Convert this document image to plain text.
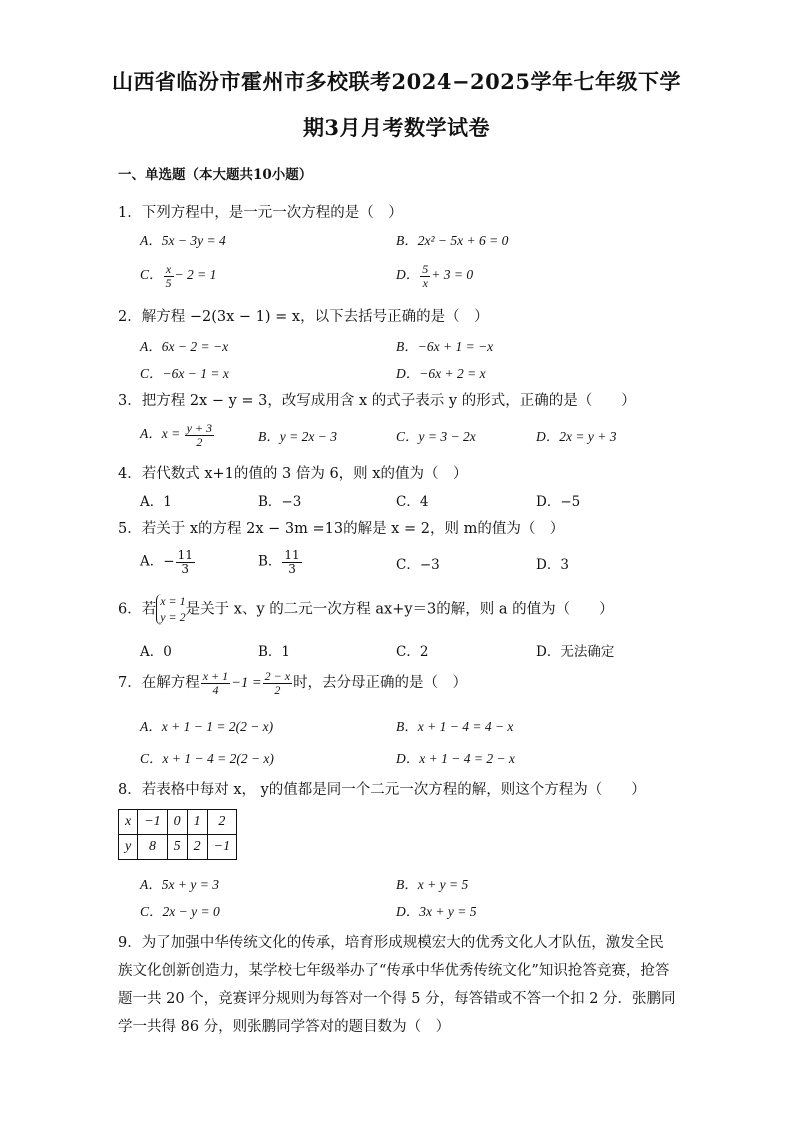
山西省临汾市霍州市多校联考2024−2025学年七年级下学
期3月月考数学试卷
一、单选题（本大题共10小题）
1．下列方程中，是一元一次方程的是（　）
A．5x − 3y = 4	B．2x² − 5x + 6 = 0
C． $\frac{x}{5} - 2 = 1$	D． $\frac{5}{x} + 3 = 0$
2．解方程 −2(3x − 1) = x，以下去括号正确的是（　）
A．6x − 2 = −x	B．−6x + 1 = −x
C．−6x − 1 = x	D．−6x + 2 = x
3．把方程 2x − y = 3，改写成用含 x 的式子表示 y 的形式，正确的是（　　）
A．$x = \frac{y + 3}{2}$	B．y = 2x − 3	C．y = 3 − 2x	D．2x = y + 3
4．若代数式 x+1的值的 3 倍为 6，则 x的值为（　）
A．1	B．−3	C．4	D．−5
5．若关于 x的方程 2x − 3m =13的解是 x = 2，则 m的值为（　）
A．− $\frac{11}{3}$	B． $\frac{11}{3}$	C．−3	D．3
6．若
x = 1
y = 2 是关于 x、y 的二元一次方程 ax+y＝3的解，则 a 的值为（　　）
A．0	B．1	C．2	D．无法确定
7．在解方程 $\frac{x + 1}{4} -1 = \frac{2 - x}{2}$ 时，去分母正确的是（　）
A．x + 1 − 1 = 2(2 − x)	B．x + 1 − 4 = 4 − x
C．x + 1 − 4 = 2(2 − x)	D．x + 1 − 4 = 2 − x
8．若表格中每对 x， y的值都是同一个二元一次方程的解，则这个方程为（　　）
x	−1	0	1	2
y	8	5	2	−1
A．5x + y = 3	B．x + y = 5
C．2x − y = 0	D．3x + y = 5
9．为了加强中华传统文化的传承，培育形成规模宏大的优秀文化人才队伍，激发全民族文化创新创造力，某学校七年级举办了“传承中华优秀传统文化”知识抢答竞赛，抢答题一共 20 个，竞赛评分规则为每答对一个得 5 分，每答错或不答一个扣 2 分．张鹏同学一共得 86 分，则张鹏同学答对的题目数为（　）
